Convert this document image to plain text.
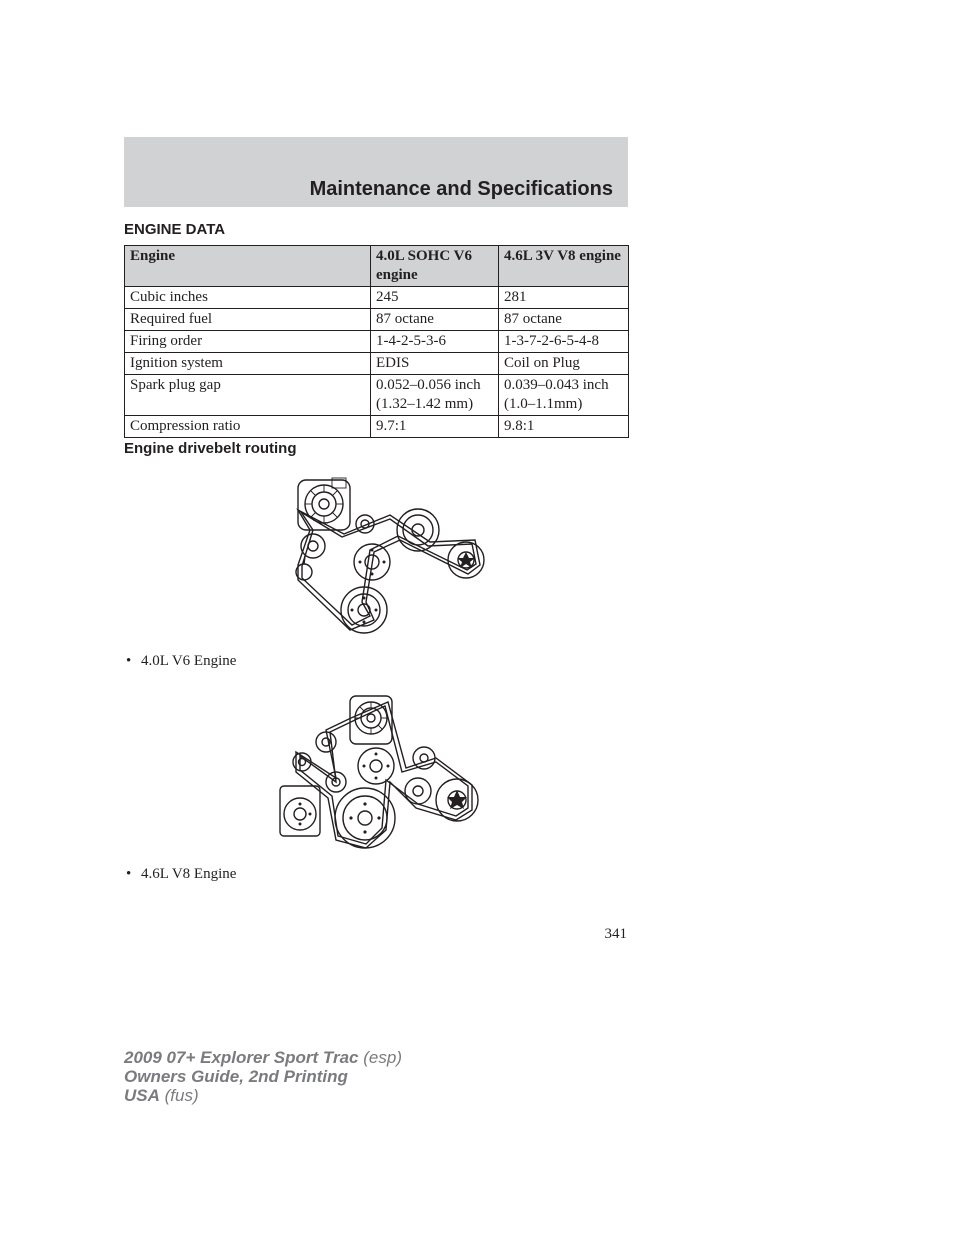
Maintenance and Specifications
ENGINE DATA
Engine	4.0L SOHC V6 engine	4.6L 3V V8 engine
Cubic inches	245	281
Required fuel	87 octane	87 octane
Firing order	1-4-2-5-3-6	1-3-7-2-6-5-4-8
Ignition system	EDIS	Coil on Plug
Spark plug gap	0.052–0.056 inch (1.32–1.42 mm)	0.039–0.043 inch (1.0–1.1mm)
Compression ratio	9.7:1	9.8:1
Engine drivebelt routing
• 4.0L V6 Engine
• 4.6L V8 Engine
341
2009 07+ Explorer Sport Trac (esp)
Owners Guide, 2nd Printing
USA (fus)
